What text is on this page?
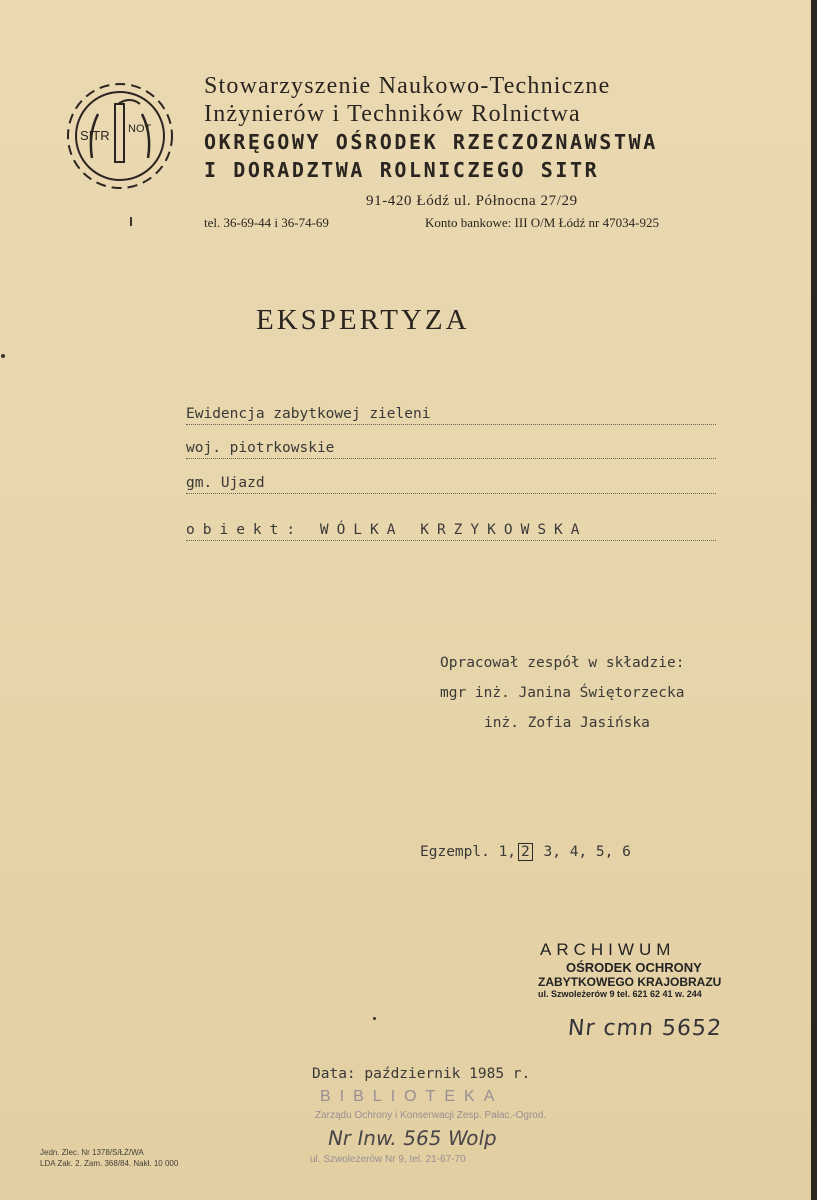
SITR NOT
Stowarzyszenie Naukowo-Techniczne
Inżynierów i Techników Rolnictwa
OKRĘGOWY OŚRODEK RZECZOZNAWSTWA
I DORADZTWA ROLNICZEGO SITR
91-420 Łódź ul. Północna 27/29
tel. 36-69-44 i 36-74-69	Konto bankowe: III O/M Łódź nr 47034-925
EKSPERTYZA
Ewidencja zabytkowej zieleni
woj. piotrkowskie
gm. Ujazd
obiekt: WÓLKA KRZYKOWSKA
Opracował zespół w składzie:
mgr inż. Janina Świętorzecka
inż. Zofia Jasińska
Egzempl. 1, 2 3, 4, 5, 6
ARCHIWUM
OŚRODEK OCHRONY
ZABYTKOWEGO KRAJOBRAZU
ul. Szwoleżerów 9 tel. 621 62 41 w. 244
Nr cmn 5652
Data: październik 1985 r.
BIBLIOTEKA
Zarządu Ochrony i Konserwacji Zesp. Pałac.-Ogrod.
Nr Inw. 565 Wolp
ul. Szwoleżerów Nr 9, tel. 21-67-70
Jedn. Zlec. Nr 1378/S/ŁŻ/WA
LDA Zak. 2. Zam. 368/84. Nakł. 10 000
